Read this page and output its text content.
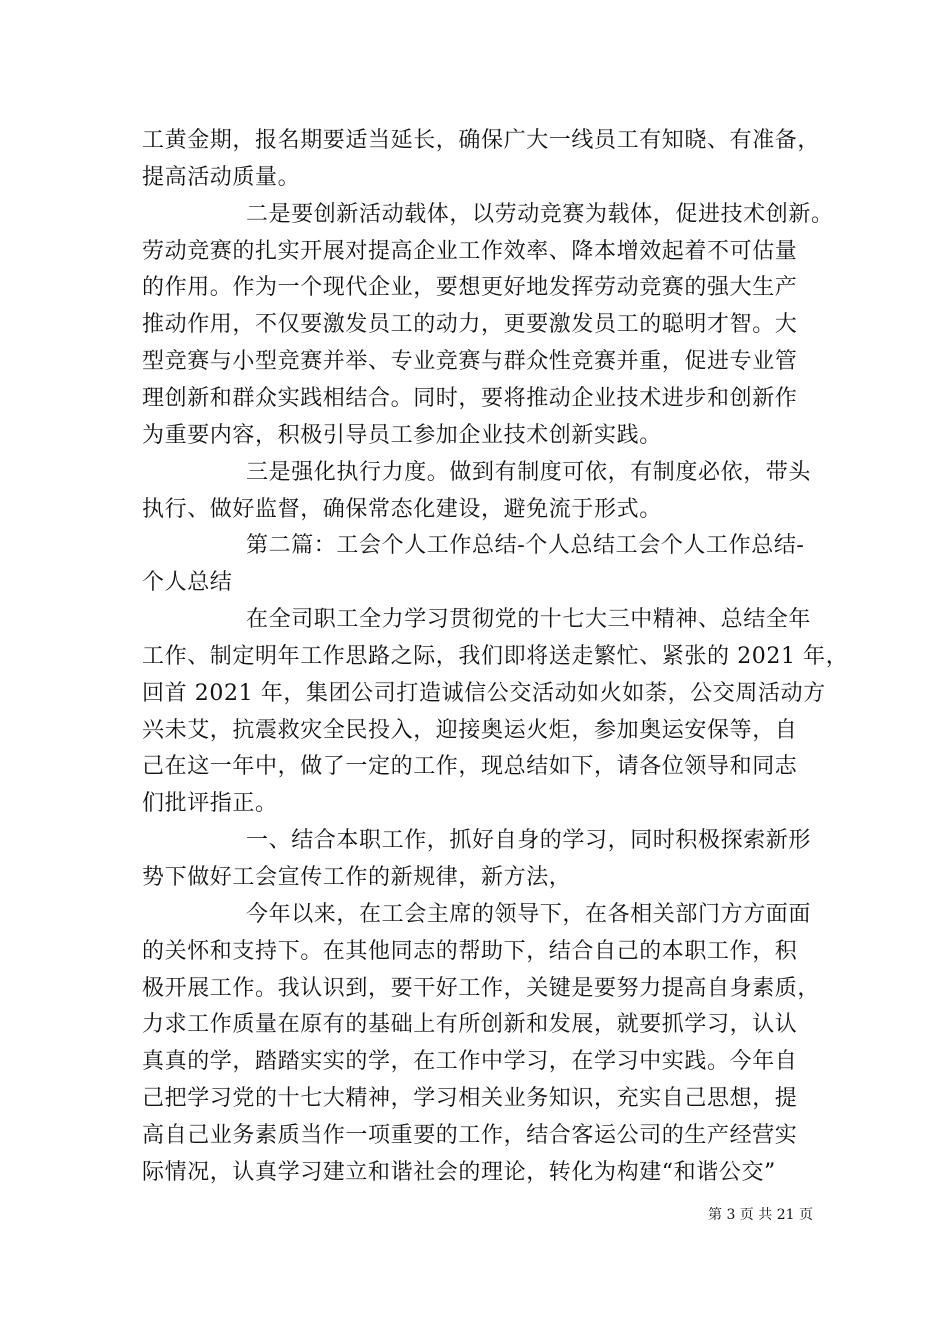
工黄金期，报名期要适当延长，确保广大一线员工有知晓、有准备，
提高活动质量。
二是要创新活动载体，以劳动竞赛为载体，促进技术创新。
劳动竞赛的扎实开展对提高企业工作效率、降本增效起着不可估量
的作用。作为一个现代企业，要想更好地发挥劳动竞赛的强大生产
推动作用，不仅要激发员工的动力，更要激发员工的聪明才智。大
型竞赛与小型竞赛并举、专业竞赛与群众性竞赛并重，促进专业管
理创新和群众实践相结合。同时，要将推动企业技术进步和创新作
为重要内容，积极引导员工参加企业技术创新实践。
三是强化执行力度。做到有制度可依，有制度必依，带头
执行、做好监督，确保常态化建设，避免流于形式。
第二篇：工会个人工作总结-个人总结工会个人工作总结-
个人总结
在全司职工全力学习贯彻党的十七大三中精神、总结全年
工作、制定明年工作思路之际，我们即将送走繁忙、紧张的 2021 年，
回首 2021 年，集团公司打造诚信公交活动如火如荼，公交周活动方
兴未艾，抗震救灾全民投入，迎接奥运火炬，参加奥运安保等，自
己在这一年中，做了一定的工作，现总结如下，请各位领导和同志
们批评指正。
一、结合本职工作，抓好自身的学习，同时积极探索新形
势下做好工会宣传工作的新规律，新方法，
今年以来，在工会主席的领导下，在各相关部门方方面面
的关怀和支持下。在其他同志的帮助下，结合自己的本职工作，积
极开展工作。我认识到，要干好工作，关键是要努力提高自身素质，
力求工作质量在原有的基础上有所创新和发展，就要抓学习，认认
真真的学，踏踏实实的学，在工作中学习，在学习中实践。今年自
己把学习党的十七大精神，学习相关业务知识，充实自己思想，提
高自己业务素质当作一项重要的工作，结合客运公司的生产经营实
际情况，认真学习建立和谐社会的理论，转化为构建“和谐公交”
第 3 页 共 21 页
